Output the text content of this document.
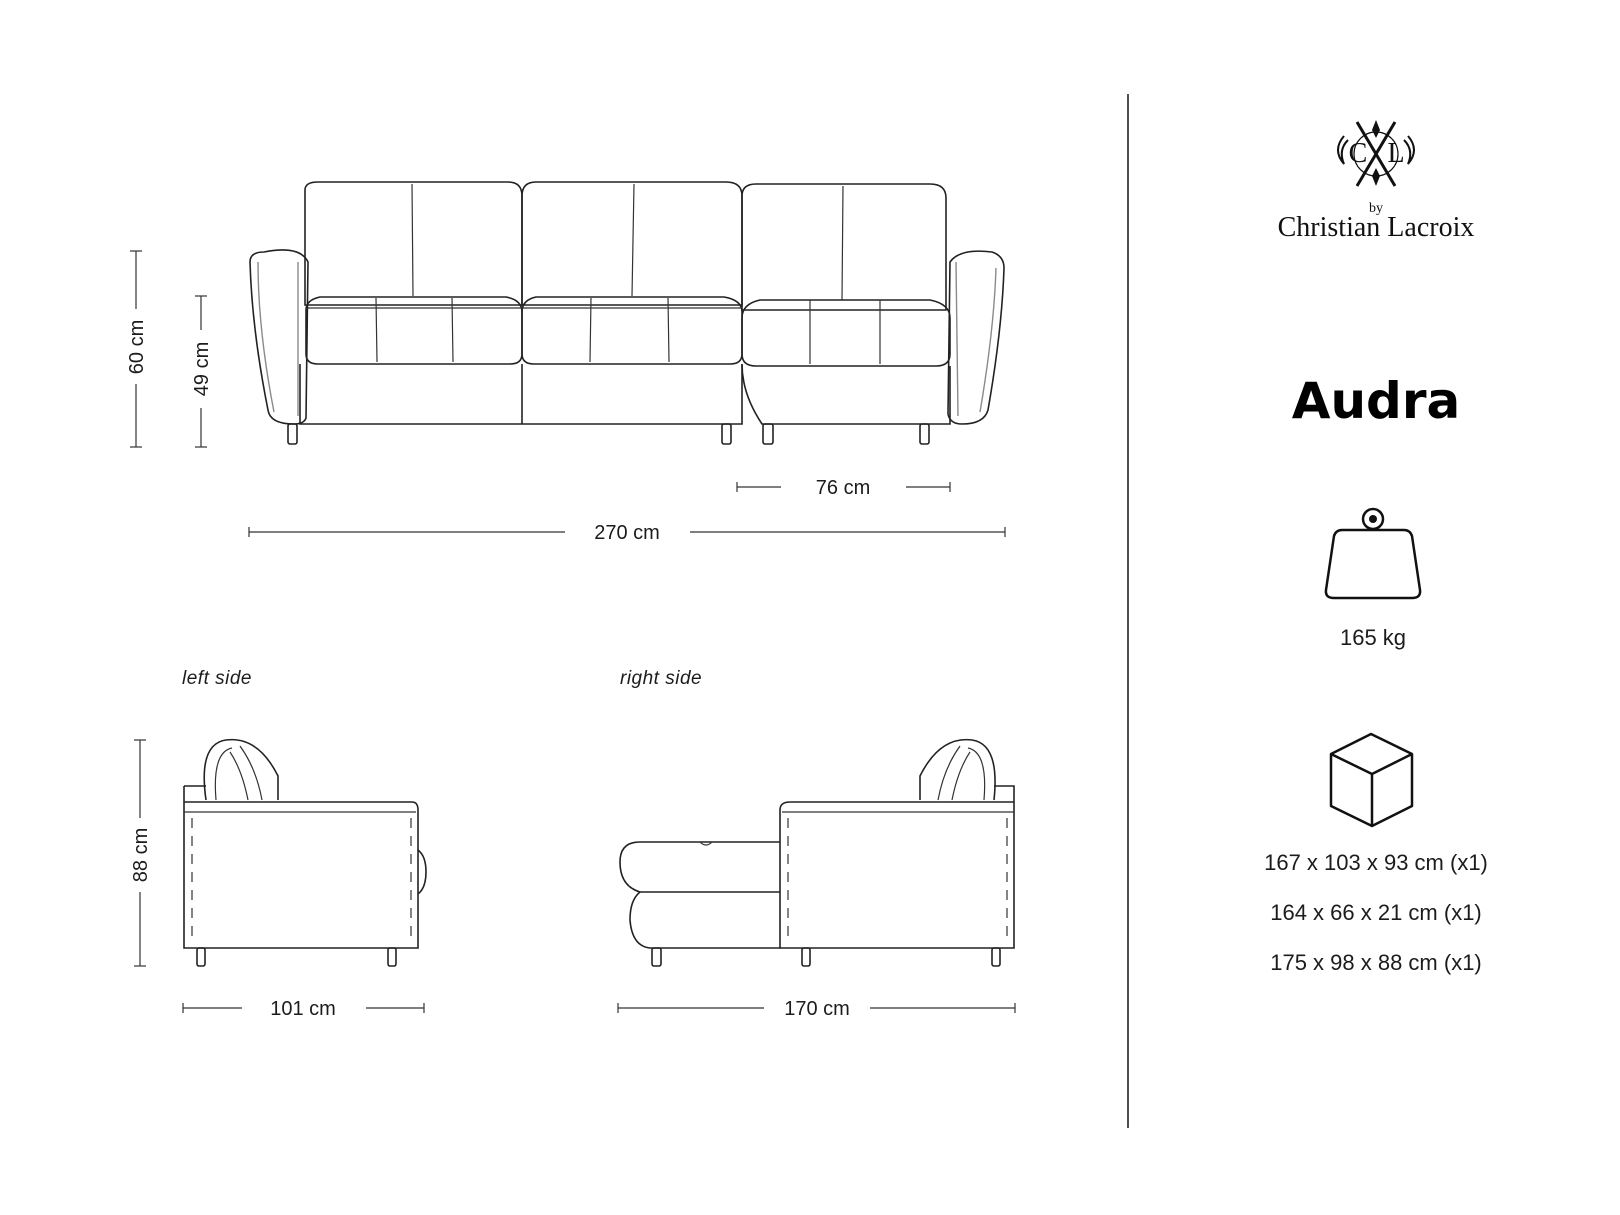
60 cm 49 cm
76 cm
270 cm
left side
88 cm
101 cm
right side
170 cm
C L
by
Christian Lacroix
Audra
165 kg
167 x 103 x 93 cm (x1)
164 x 66 x 21 cm (x1)
175 x 98 x 88 cm (x1)
